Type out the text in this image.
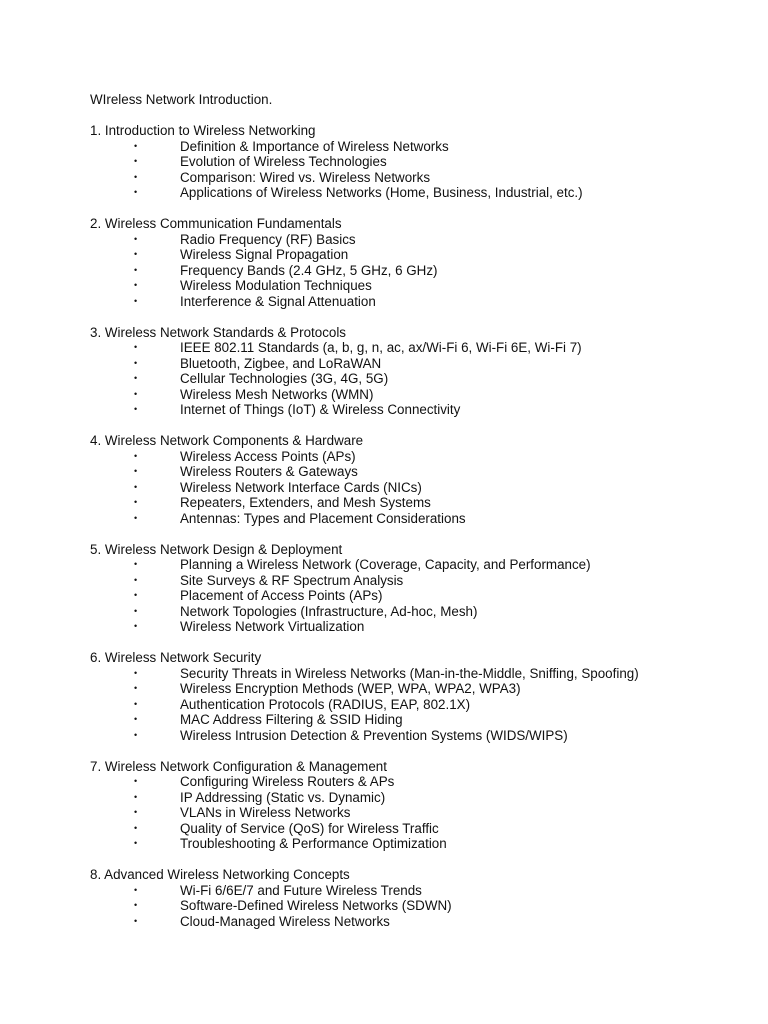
WIreless Network Introduction.
1. Introduction to Wireless Networking
•	Definition & Importance of Wireless Networks
•	Evolution of Wireless Technologies
•	Comparison: Wired vs. Wireless Networks
•	Applications of Wireless Networks (Home, Business, Industrial, etc.)
2. Wireless Communication Fundamentals
•	Radio Frequency (RF) Basics
•	Wireless Signal Propagation
•	Frequency Bands (2.4 GHz, 5 GHz, 6 GHz)
•	Wireless Modulation Techniques
•	Interference & Signal Attenuation
3. Wireless Network Standards & Protocols
•	IEEE 802.11 Standards (a, b, g, n, ac, ax/Wi-Fi 6, Wi-Fi 6E, Wi-Fi 7)
•	Bluetooth, Zigbee, and LoRaWAN
•	Cellular Technologies (3G, 4G, 5G)
•	Wireless Mesh Networks (WMN)
•	Internet of Things (IoT) & Wireless Connectivity
4. Wireless Network Components & Hardware
•	Wireless Access Points (APs)
•	Wireless Routers & Gateways
•	Wireless Network Interface Cards (NICs)
•	Repeaters, Extenders, and Mesh Systems
•	Antennas: Types and Placement Considerations
5. Wireless Network Design & Deployment
•	Planning a Wireless Network (Coverage, Capacity, and Performance)
•	Site Surveys & RF Spectrum Analysis
•	Placement of Access Points (APs)
•	Network Topologies (Infrastructure, Ad-hoc, Mesh)
•	Wireless Network Virtualization
6. Wireless Network Security
•	Security Threats in Wireless Networks (Man-in-the-Middle, Sniffing, Spoofing)
•	Wireless Encryption Methods (WEP, WPA, WPA2, WPA3)
•	Authentication Protocols (RADIUS, EAP, 802.1X)
•	MAC Address Filtering & SSID Hiding
•	Wireless Intrusion Detection & Prevention Systems (WIDS/WIPS)
7. Wireless Network Configuration & Management
•	Configuring Wireless Routers & APs
•	IP Addressing (Static vs. Dynamic)
•	VLANs in Wireless Networks
•	Quality of Service (QoS) for Wireless Traffic
•	Troubleshooting & Performance Optimization
8. Advanced Wireless Networking Concepts
•	Wi-Fi 6/6E/7 and Future Wireless Trends
•	Software-Defined Wireless Networks (SDWN)
•	Cloud-Managed Wireless Networks
